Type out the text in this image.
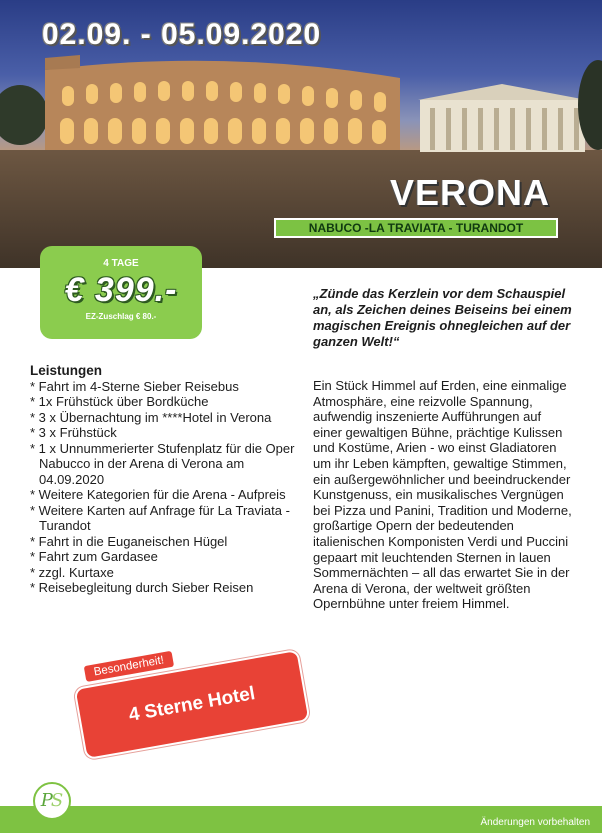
02.09. - 05.09.2020
VERONA
NABUCO -LA TRAVIATA - TURANDOT
4 TAGE
€ 399.-
EZ-Zuschlag € 80.-
Leistungen
* Fahrt im 4-Sterne Sieber Reisebus
* 1x Frühstück über Bordküche
* 3 x Übernachtung im ****Hotel in Verona
* 3 x Frühstück
* 1 x Unnummerierter Stufenplatz für die Oper Nabucco in der Arena di Verona am 04.09.2020
* Weitere Kategorien für die Arena - Aufpreis
* Weitere Karten auf Anfrage für La Traviata - Turandot
* Fahrt in die Euganeischen Hügel
* Fahrt zum Gardasee
* zzgl. Kurtaxe
* Reisebegleitung durch Sieber Reisen

„Zünde das Kerzlein vor dem Schauspiel an, als Zeichen deines Beiseins bei einem magischen Ereignis ohnegleichen auf der ganzen Welt!“

Ein Stück Himmel auf Erden, eine einmalige Atmosphäre, eine reizvolle Spannung, aufwendig inszenierte Aufführungen auf einer gewaltigen Bühne, prächtige Kulissen und Kostüme, Arien - wo einst Gladiatoren um ihr Leben kämpften, gewaltige Stimmen, ein außergewöhnlicher und beeindruckender Kunstgenuss, ein musikalisches Vergnügen bei Pizza und Panini, Tradition und Moderne, großartige Opern der bedeutenden italienischen Komponisten Verdi und Puccini gepaart mit leuchtenden Sternen in lauen Sommernächten – all das erwartet Sie in der Arena di Verona, der weltweit größten Opernbühne unter freiem Himmel.

Besonderheit!
4 Sterne Hotel
Änderungen vorbehalten
PS
